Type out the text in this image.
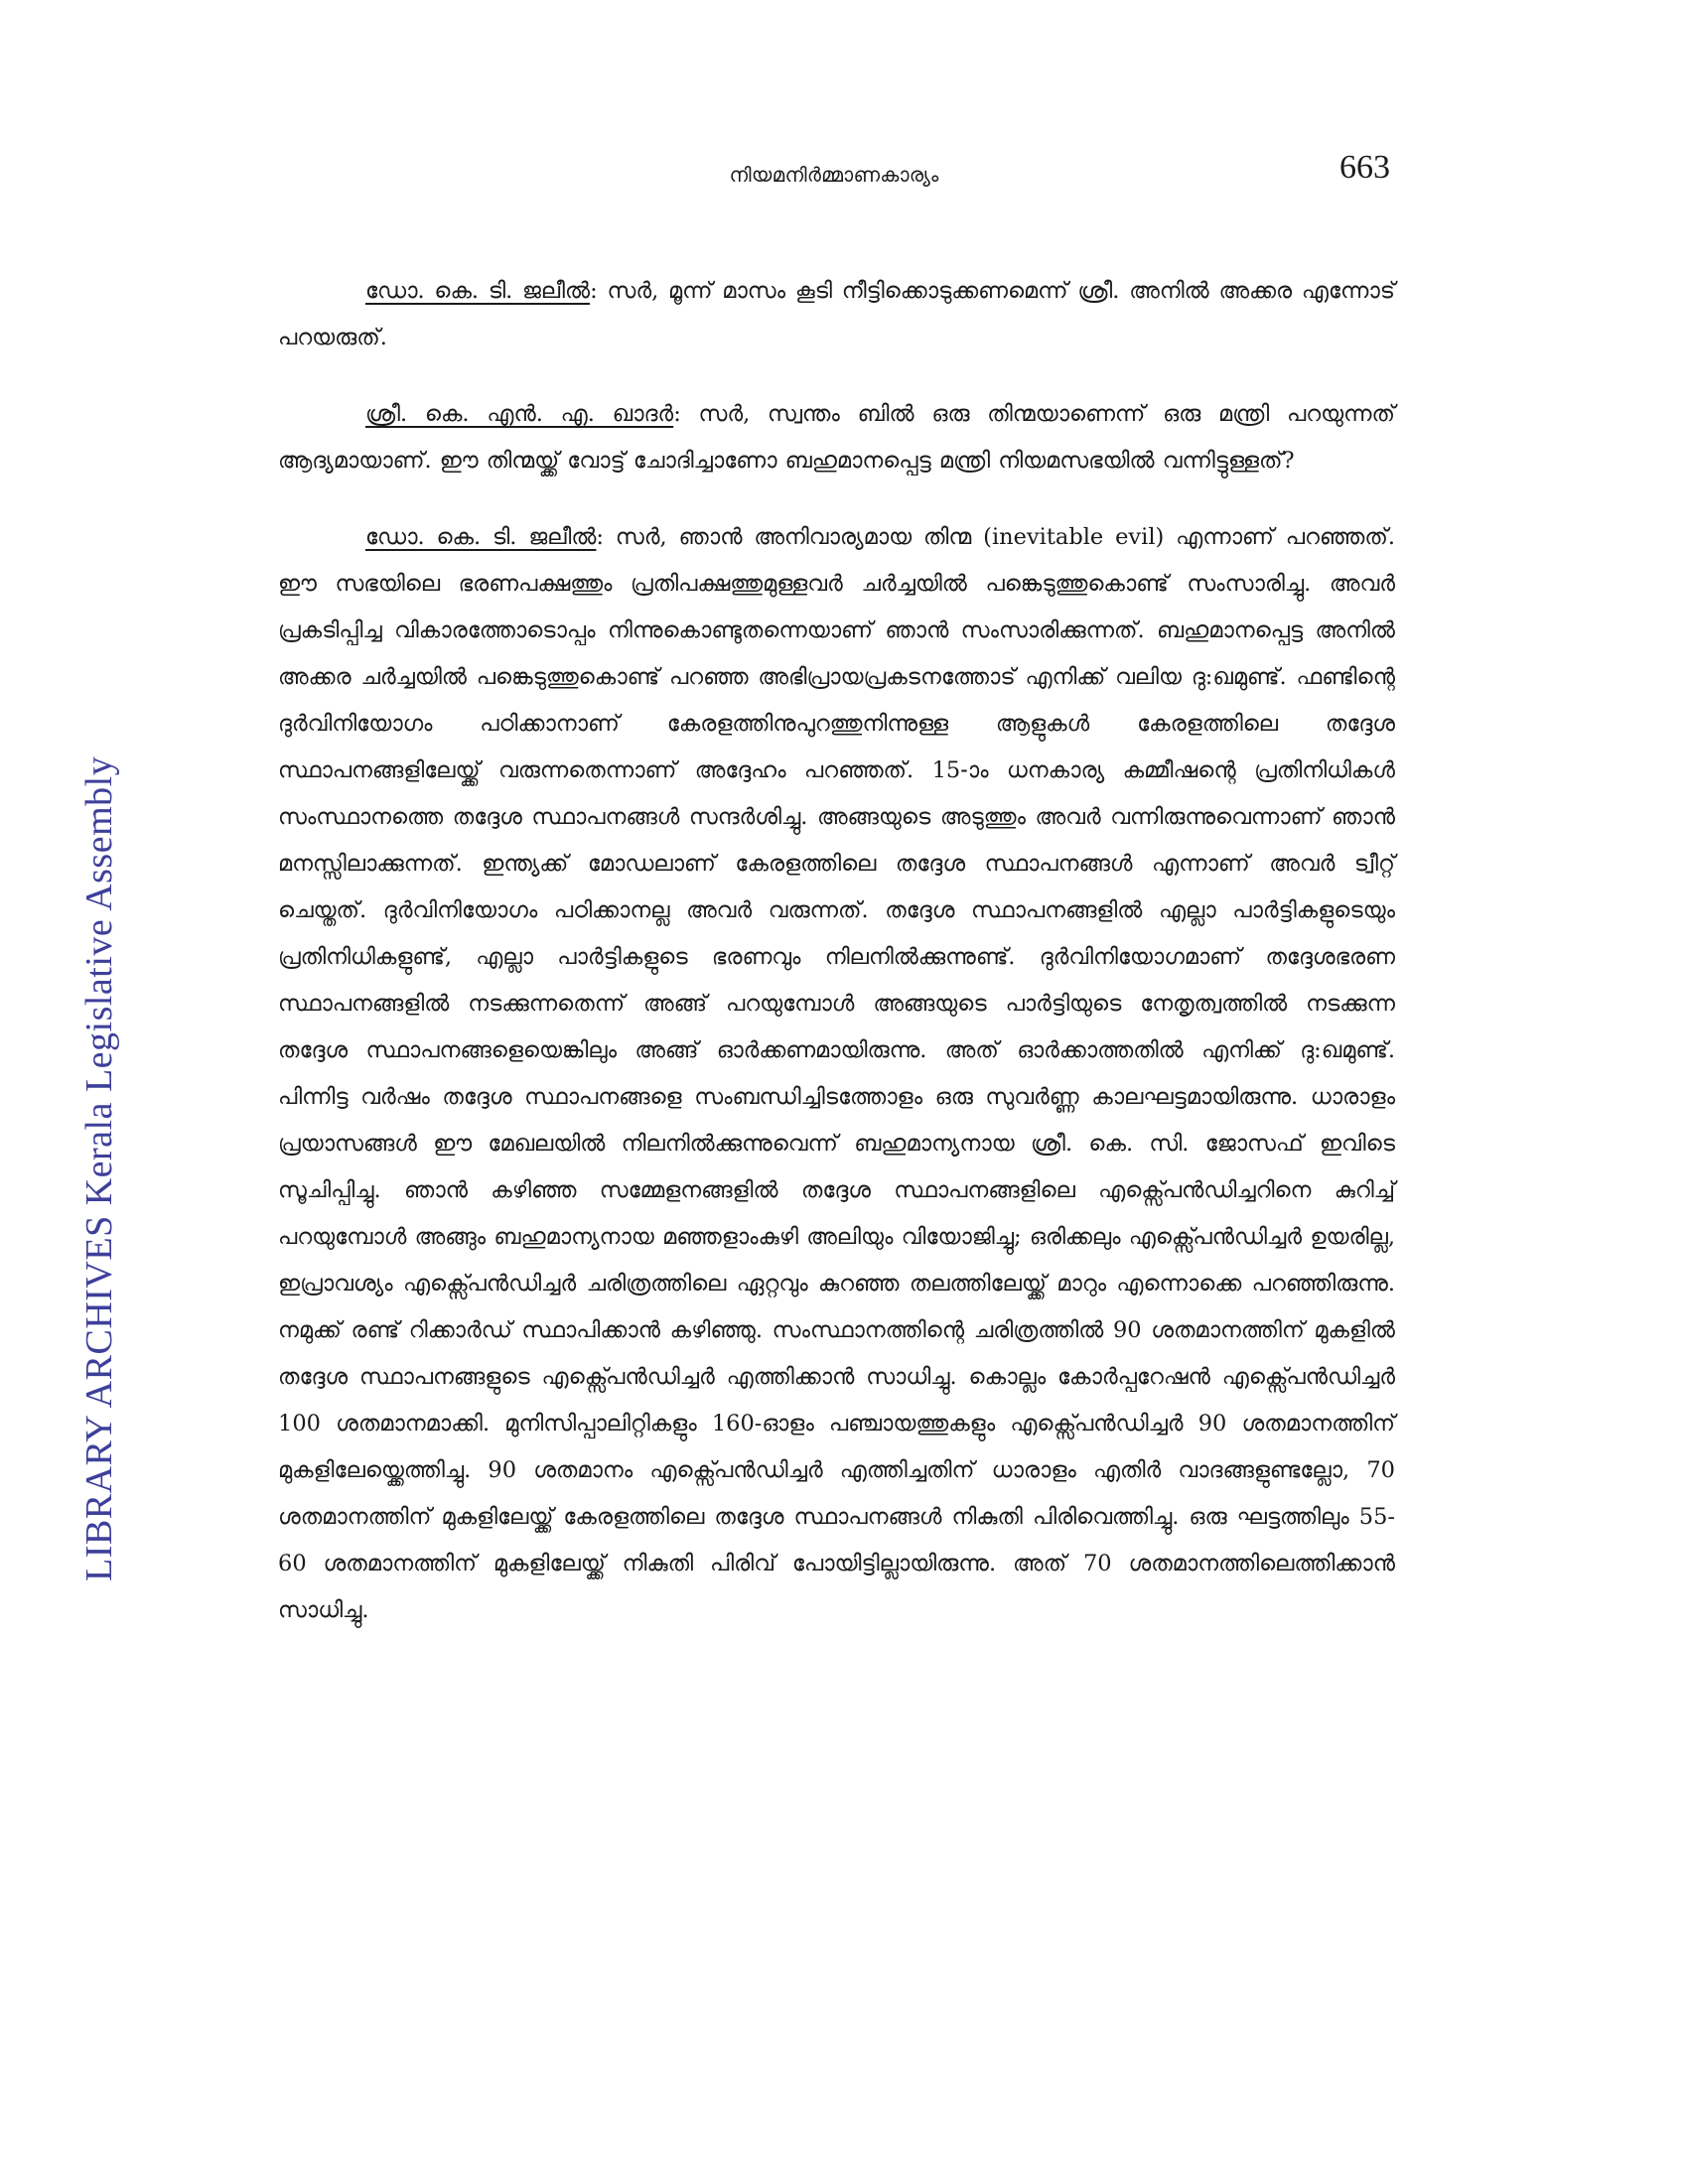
നിയമനിർമ്മാണകാര്യം	663
LIBRARY ARCHIVES Kerala Legislative Assembly

ഡോ. കെ. ടി. ജലീൽ: സർ, മൂന്ന് മാസം കൂടി നീട്ടിക്കൊടുക്കണമെന്ന് ശ്രീ. അനിൽ അക്കര എന്നോട് പറയരുത്.

ശ്രീ. കെ. എൻ. എ. ഖാദർ: സർ, സ്വന്തം ബിൽ ഒരു തിന്മയാണെന്ന് ഒരു മന്ത്രി പറയുന്നത് ആദ്യമായാണ്. ഈ തിന്മയ്ക്ക് വോട്ട് ചോദിച്ചാണോ ബഹുമാനപ്പെട്ട മന്ത്രി നിയമസഭയിൽ വന്നിട്ടുള്ളത്?

ഡോ. കെ. ടി. ജലീൽ: സർ, ഞാൻ അനിവാര്യമായ തിന്മ (inevitable evil) എന്നാണ് പറഞ്ഞത്. ഈ സഭയിലെ ഭരണപക്ഷത്തും പ്രതിപക്ഷത്തുമുള്ളവർ ചർച്ചയിൽ പങ്കെടുത്തുകൊണ്ട് സംസാരിച്ചു. അവർ പ്രകടിപ്പിച്ച വികാരത്തോടൊപ്പം നിന്നുകൊണ്ടുതന്നെയാണ് ഞാൻ സംസാരിക്കുന്നത്. ബഹുമാനപ്പെട്ട അനിൽ അക്കര ചർച്ചയിൽ പങ്കെടുത്തുകൊണ്ട് പറഞ്ഞ അഭിപ്രായപ്രകടനത്തോട് എനിക്ക് വലിയ ദു:ഖമുണ്ട്. ഫണ്ടിന്റെ ദുർവിനിയോഗം പഠിക്കാനാണ് കേരളത്തിനുപുറത്തുനിന്നുള്ള ആളുകൾ കേരളത്തിലെ തദ്ദേശ സ്ഥാപനങ്ങളിലേയ്ക്ക് വരുന്നതെന്നാണ് അദ്ദേഹം പറഞ്ഞത്. 15-ാം ധനകാര്യ കമ്മീഷന്റെ പ്രതിനിധികൾ സംസ്ഥാനത്തെ തദ്ദേശ സ്ഥാപനങ്ങൾ സന്ദർശിച്ചു. അങ്ങയുടെ അടുത്തും അവർ വന്നിരുന്നുവെന്നാണ് ഞാൻ മനസ്സിലാക്കുന്നത്. ഇന്ത്യക്ക് മോഡലാണ് കേരളത്തിലെ തദ്ദേശ സ്ഥാപനങ്ങൾ എന്നാണ് അവർ ട്വീറ്റ് ചെയ്തത്. ദുർവിനിയോഗം പഠിക്കാനല്ല അവർ വരുന്നത്. തദ്ദേശ സ്ഥാപനങ്ങളിൽ എല്ലാ പാർട്ടികളുടെയും പ്രതിനിധികളുണ്ട്, എല്ലാ പാർട്ടികളുടെ ഭരണവും നിലനിൽക്കുന്നുണ്ട്. ദുർവിനിയോഗമാണ് തദ്ദേശഭരണ സ്ഥാപനങ്ങളിൽ നടക്കുന്നതെന്ന് അങ്ങ് പറയുമ്പോൾ അങ്ങയുടെ പാർട്ടിയുടെ നേതൃത്വത്തിൽ നടക്കുന്ന തദ്ദേശ സ്ഥാപനങ്ങളെയെങ്കിലും അങ്ങ് ഓർക്കണമായിരുന്നു. അത് ഓർക്കാത്തതിൽ എനിക്ക് ദു:ഖമുണ്ട്. പിന്നിട്ട വർഷം തദ്ദേശ സ്ഥാപനങ്ങളെ സംബന്ധിച്ചിടത്തോളം ഒരു സുവർണ്ണ കാലഘട്ടമായിരുന്നു. ധാരാളം പ്രയാസങ്ങൾ ഈ മേഖലയിൽ നിലനിൽക്കുന്നുവെന്ന് ബഹുമാന്യനായ ശ്രീ. കെ. സി. ജോസഫ് ഇവിടെ സൂചിപ്പിച്ചു. ഞാൻ കഴിഞ്ഞ സമ്മേളനങ്ങളിൽ തദ്ദേശ സ്ഥാപനങ്ങളിലെ എക്സ്പെൻഡിച്ചറിനെ കുറിച്ച് പറയുമ്പോൾ അങ്ങും ബഹുമാന്യനായ മഞ്ഞളാംകുഴി അലിയും വിയോജിച്ചു; ഒരിക്കലും എക്സ്പെൻഡിച്ചർ ഉയരില്ല, ഇപ്രാവശ്യം എക്സ്പെൻഡിച്ചർ ചരിത്രത്തിലെ ഏറ്റവും കുറഞ്ഞ തലത്തിലേയ്ക്ക് മാറും എന്നൊക്കെ പറഞ്ഞിരുന്നു. നമുക്ക് രണ്ട് റിക്കാർഡ് സ്ഥാപിക്കാൻ കഴിഞ്ഞു. സംസ്ഥാനത്തിന്റെ ചരിത്രത്തിൽ 90 ശതമാനത്തിന് മുകളിൽ തദ്ദേശ സ്ഥാപനങ്ങളുടെ എക്സ്പെൻഡിച്ചർ എത്തിക്കാൻ സാധിച്ചു. കൊല്ലം കോർപ്പറേഷൻ എക്സ്പെൻഡിച്ചർ 100 ശതമാനമാക്കി. മുനിസിപ്പാലിറ്റികളും 160-ഓളം പഞ്ചായത്തുകളും എക്സ്പെൻഡിച്ചർ 90 ശതമാനത്തിന് മുകളിലേയ്ക്കെത്തിച്ചു. 90 ശതമാനം എക്സ്പെൻഡിച്ചർ എത്തിച്ചതിന് ധാരാളം എതിർ വാദങ്ങളുണ്ടല്ലോ, 70 ശതമാനത്തിന് മുകളിലേയ്ക്ക് കേരളത്തിലെ തദ്ദേശ സ്ഥാപനങ്ങൾ നികുതി പിരിവെത്തിച്ചു. ഒരു ഘട്ടത്തിലും 55-60 ശതമാനത്തിന് മുകളിലേയ്ക്ക് നികുതി പിരിവ് പോയിട്ടില്ലായിരുന്നു. അത് 70 ശതമാനത്തിലെത്തിക്കാൻ സാധിച്ചു.
